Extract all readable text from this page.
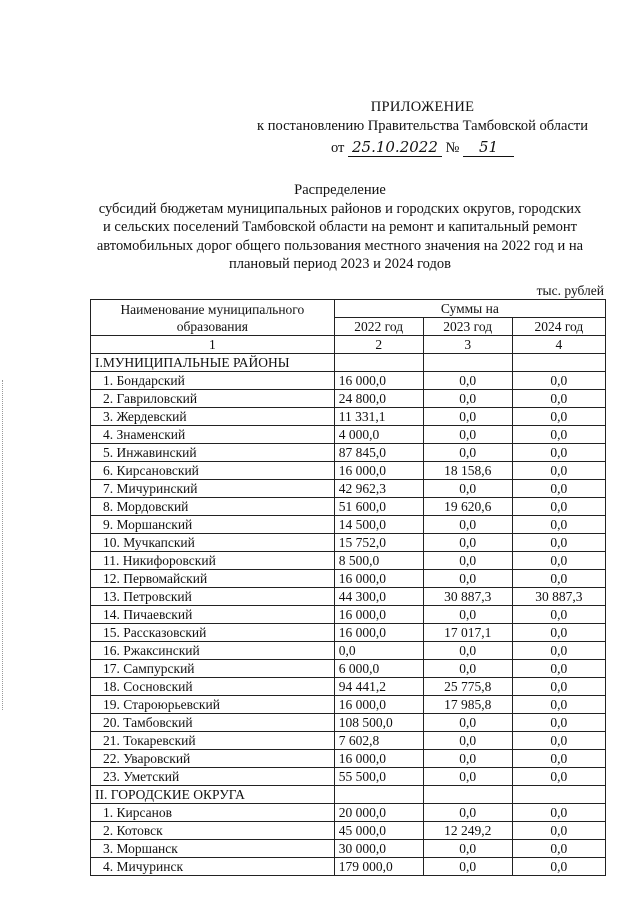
ПРИЛОЖЕНИЕ
к постановлению Правительства Тамбовской области
от 25.10.2022 № 51
Распределение
субсидий бюджетам муниципальных районов и городских округов, городских
и сельских поселений Тамбовской области на ремонт и капитальный ремонт
автомобильных дорог общего пользования местного значения на 2022 год и на
плановый период 2023 и 2024 годов
тыс. рублей
Наименование муниципального образования	Суммы на		
	2022 год	2023 год	2024 год
1	2	3	4
I.МУНИЦИПАЛЬНЫЕ РАЙОНЫ			
1. Бондарский	16 000,0	0,0	0,0
2. Гавриловский	24 800,0	0,0	0,0
3. Жердевский	11 331,1	0,0	0,0
4. Знаменский	4 000,0	0,0	0,0
5. Инжавинский	87 845,0	0,0	0,0
6. Кирсановский	16 000,0	18 158,6	0,0
7. Мичуринский	42 962,3	0,0	0,0
8. Мордовский	51 600,0	19 620,6	0,0
9. Моршанский	14 500,0	0,0	0,0
10. Мучкапский	15 752,0	0,0	0,0
11. Никифоровский	8 500,0	0,0	0,0
12. Первомайский	16 000,0	0,0	0,0
13. Петровский	44 300,0	30 887,3	30 887,3
14. Пичаевский	16 000,0	0,0	0,0
15. Рассказовский	16 000,0	17 017,1	0,0
16. Ржаксинский	0,0	0,0	0,0
17. Сампурский	6 000,0	0,0	0,0
18. Сосновский	94 441,2	25 775,8	0,0
19. Староюрьевский	16 000,0	17 985,8	0,0
20. Тамбовский	108 500,0	0,0	0,0
21. Токаревский	7 602,8	0,0	0,0
22. Уваровский	16 000,0	0,0	0,0
23. Уметский	55 500,0	0,0	0,0
II. ГОРОДСКИЕ ОКРУГА			
1. Кирсанов	20 000,0	0,0	0,0
2. Котовск	45 000,0	12 249,2	0,0
3. Моршанск	30 000,0	0,0	0,0
4. Мичуринск	179 000,0	0,0	0,0
